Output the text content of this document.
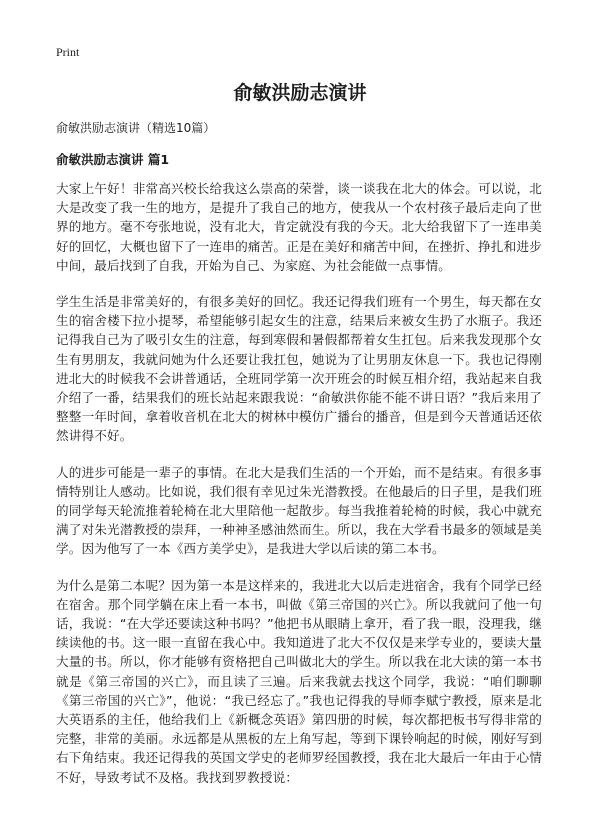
Print
俞敏洪励志演讲

俞敏洪励志演讲（精选10篇）

俞敏洪励志演讲 篇1

大家上午好！非常高兴校长给我这么崇高的荣誉，谈一谈我在北大的体会。可以说，北大是改变了我一生的地方，是提升了我自己的地方，使我从一个农村孩子最后走向了世界的地方。毫不夸张地说，没有北大，肯定就没有我的今天。北大给我留下了一连串美好的回忆，大概也留下了一连串的痛苦。正是在美好和痛苦中间，在挫折、挣扎和进步中间，最后找到了自我，开始为自己、为家庭、为社会能做一点事情。

学生生活是非常美好的，有很多美好的回忆。我还记得我们班有一个男生，每天都在女生的宿舍楼下拉小提琴，希望能够引起女生的注意，结果后来被女生扔了水瓶子。我还记得我自己为了吸引女生的注意，每到寒假和暑假都帮着女生扛包。后来我发现那个女生有男朋友，我就问她为什么还要让我扛包，她说为了让男朋友休息一下。我也记得刚进北大的时候我不会讲普通话，全班同学第一次开班会的时候互相介绍，我站起来自我介绍了一番，结果我们的班长站起来跟我说：“俞敏洪你能不能不讲日语？”我后来用了整整一年时间，拿着收音机在北大的树林中模仿广播台的播音，但是到今天普通话还依然讲得不好。

人的进步可能是一辈子的事情。在北大是我们生活的一个开始，而不是结束。有很多事情特别让人感动。比如说，我们很有幸见过朱光潜教授。在他最后的日子里，是我们班的同学每天轮流推着轮椅在北大里陪他一起散步。每当我推着轮椅的时候，我心中就充满了对朱光潜教授的崇拜，一种神圣感油然而生。所以，我在大学看书最多的领域是美学。因为他写了一本《西方美学史》，是我进大学以后读的第二本书。

为什么是第二本呢？因为第一本是这样来的，我进北大以后走进宿舍，我有个同学已经在宿舍。那个同学躺在床上看一本书，叫做《第三帝国的兴亡》。所以我就问了他一句话，我说：“在大学还要读这种书吗？”他把书从眼睛上拿开，看了我一眼，没理我，继续读他的书。这一眼一直留在我心中。我知道进了北大不仅仅是来学专业的，要读大量大量的书。所以，你才能够有资格把自己叫做北大的学生。所以我在北大读的第一本书就是《第三帝国的兴亡》，而且读了三遍。后来我就去找这个同学，我说：“咱们聊聊《第三帝国的兴亡》”，他说：“我已经忘了。”我也记得我的导师李赋宁教授，原来是北大英语系的主任，他给我们上《新概念英语》第四册的时候，每次都把板书写得非常的完整，非常的美丽。永远都是从黑板的左上角写起，等到下课铃响起的时候，刚好写到右下角结束。我还记得我的英国文学史的老师罗经国教授，我在北大最后一年由于心情不好，导致考试不及格。我找到罗教授说：
